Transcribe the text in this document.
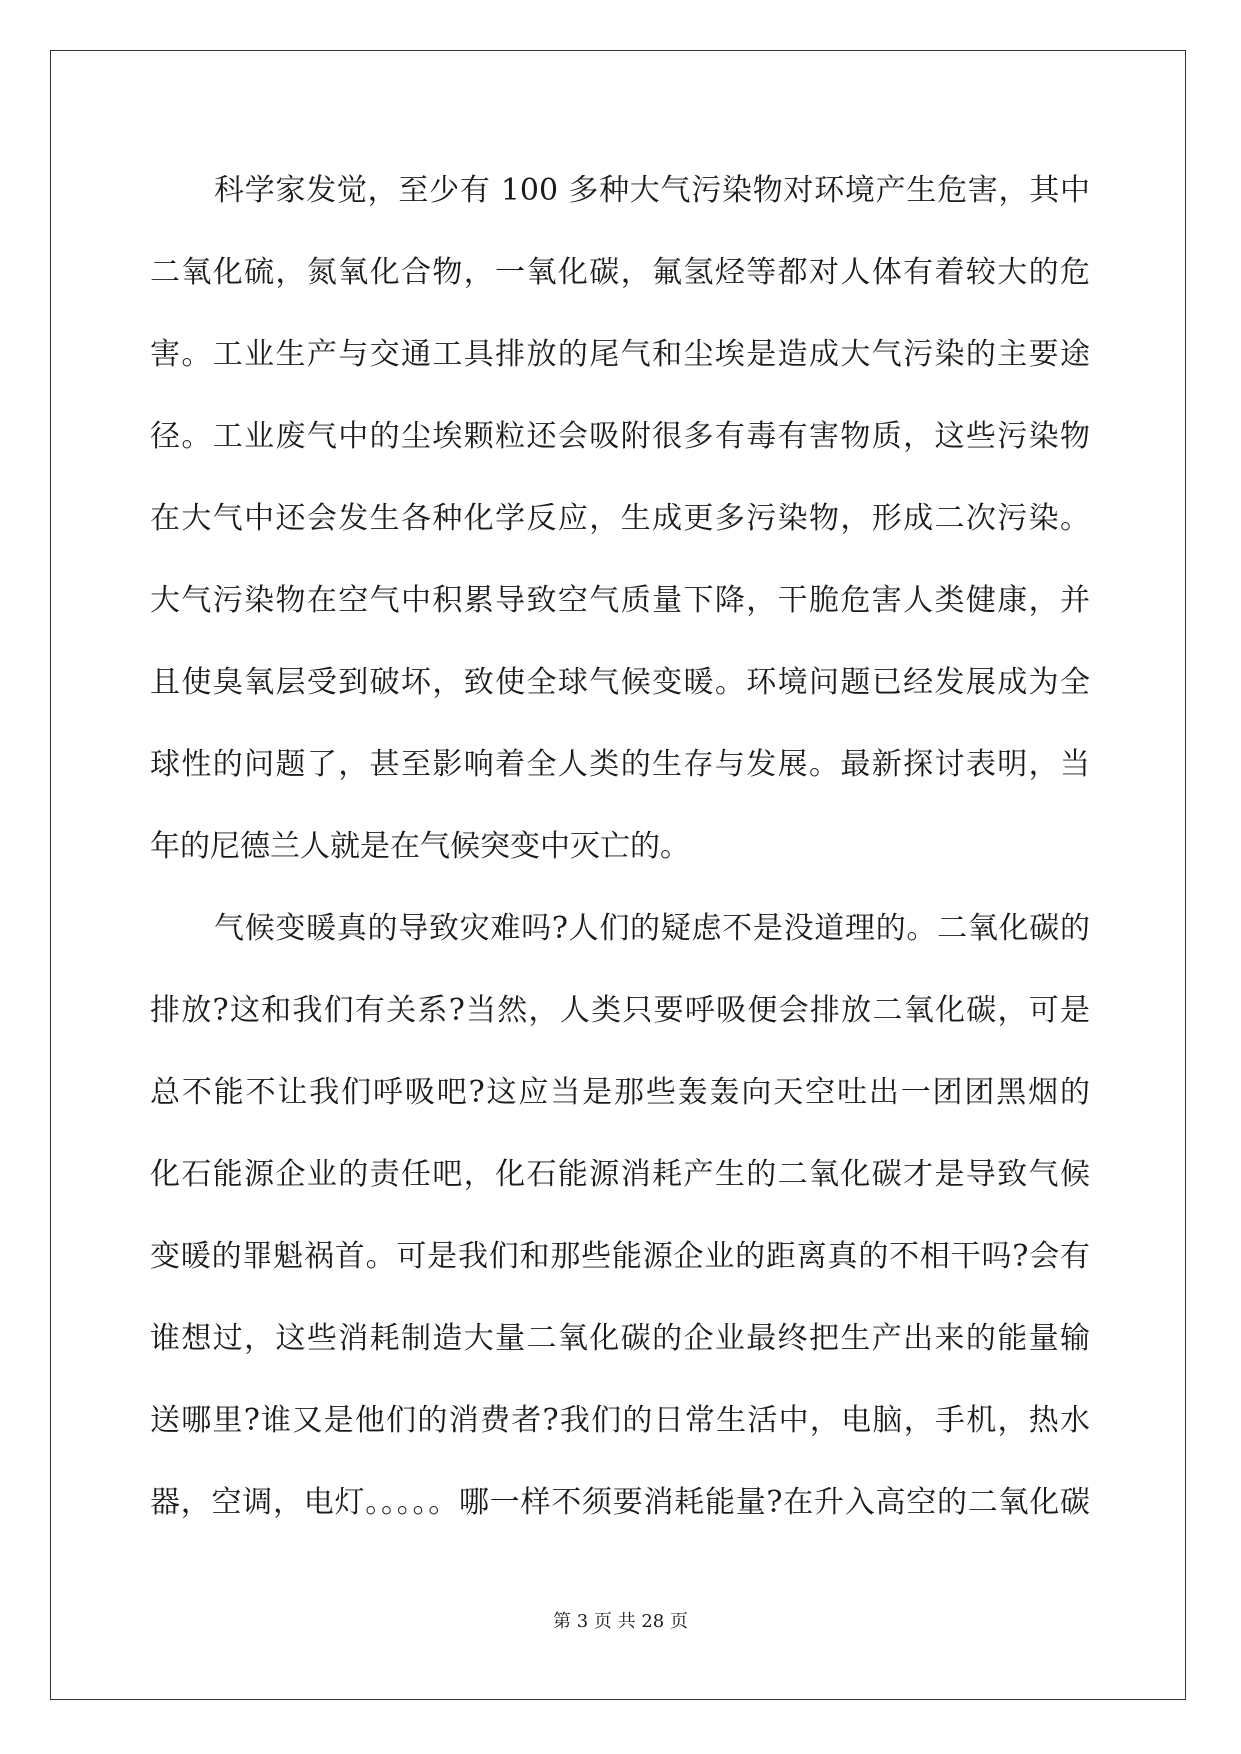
科学家发觉，至少有 100 多种大气污染物对环境产生危害，其中
二氧化硫，氮氧化合物，一氧化碳，氟氢烃等都对人体有着较大的危
害。工业生产与交通工具排放的尾气和尘埃是造成大气污染的主要途
径。工业废气中的尘埃颗粒还会吸附很多有毒有害物质，这些污染物
在大气中还会发生各种化学反应，生成更多污染物，形成二次污染。
大气污染物在空气中积累导致空气质量下降，干脆危害人类健康，并
且使臭氧层受到破坏，致使全球气候变暖。环境问题已经发展成为全
球性的问题了，甚至影响着全人类的生存与发展。最新探讨表明，当
年的尼德兰人就是在气候突变中灭亡的。
气候变暖真的导致灾难吗?人们的疑虑不是没道理的。二氧化碳的
排放?这和我们有关系?当然，人类只要呼吸便会排放二氧化碳，可是
总不能不让我们呼吸吧?这应当是那些轰轰向天空吐出一团团黑烟的
化石能源企业的责任吧，化石能源消耗产生的二氧化碳才是导致气候
变暖的罪魁祸首。可是我们和那些能源企业的距离真的不相干吗?会有
谁想过，这些消耗制造大量二氧化碳的企业最终把生产出来的能量输
送哪里?谁又是他们的消费者?我们的日常生活中，电脑，手机，热水
器，空调，电灯。。。。。哪一样不须要消耗能量?在升入高空的二氧化碳
第 3 页 共 28 页
